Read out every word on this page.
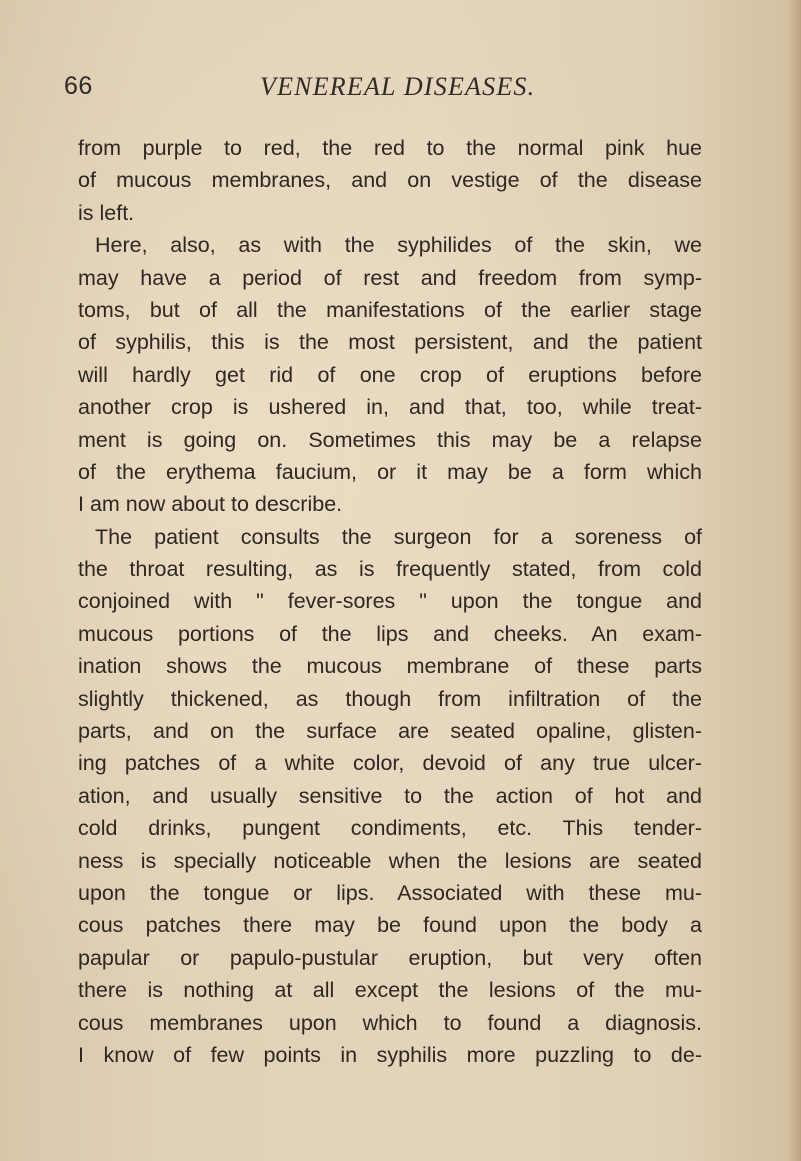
66	VENEREAL DISEASES.
from purple to red, the red to the normal pink hue
of mucous membranes, and on vestige of the disease
is left.
Here, also, as with the syphilides of the skin, we
may have a period of rest and freedom from symp-
toms, but of all the manifestations of the earlier stage
of syphilis, this is the most persistent, and the patient
will hardly get rid of one crop of eruptions before
another crop is ushered in, and that, too, while treat-
ment is going on. Sometimes this may be a relapse
of the erythema faucium, or it may be a form which
I am now about to describe.
The patient consults the surgeon for a soreness of
the throat resulting, as is frequently stated, from cold
conjoined with " fever-sores " upon the tongue and
mucous portions of the lips and cheeks. An exam-
ination shows the mucous membrane of these parts
slightly thickened, as though from infiltration of the
parts, and on the surface are seated opaline, glisten-
ing patches of a white color, devoid of any true ulcer-
ation, and usually sensitive to the action of hot and
cold drinks, pungent condiments, etc. This tender-
ness is specially noticeable when the lesions are seated
upon the tongue or lips. Associated with these mu-
cous patches there may be found upon the body a
papular or papulo-pustular eruption, but very often
there is nothing at all except the lesions of the mu-
cous membranes upon which to found a diagnosis.
I know of few points in syphilis more puzzling to de-
